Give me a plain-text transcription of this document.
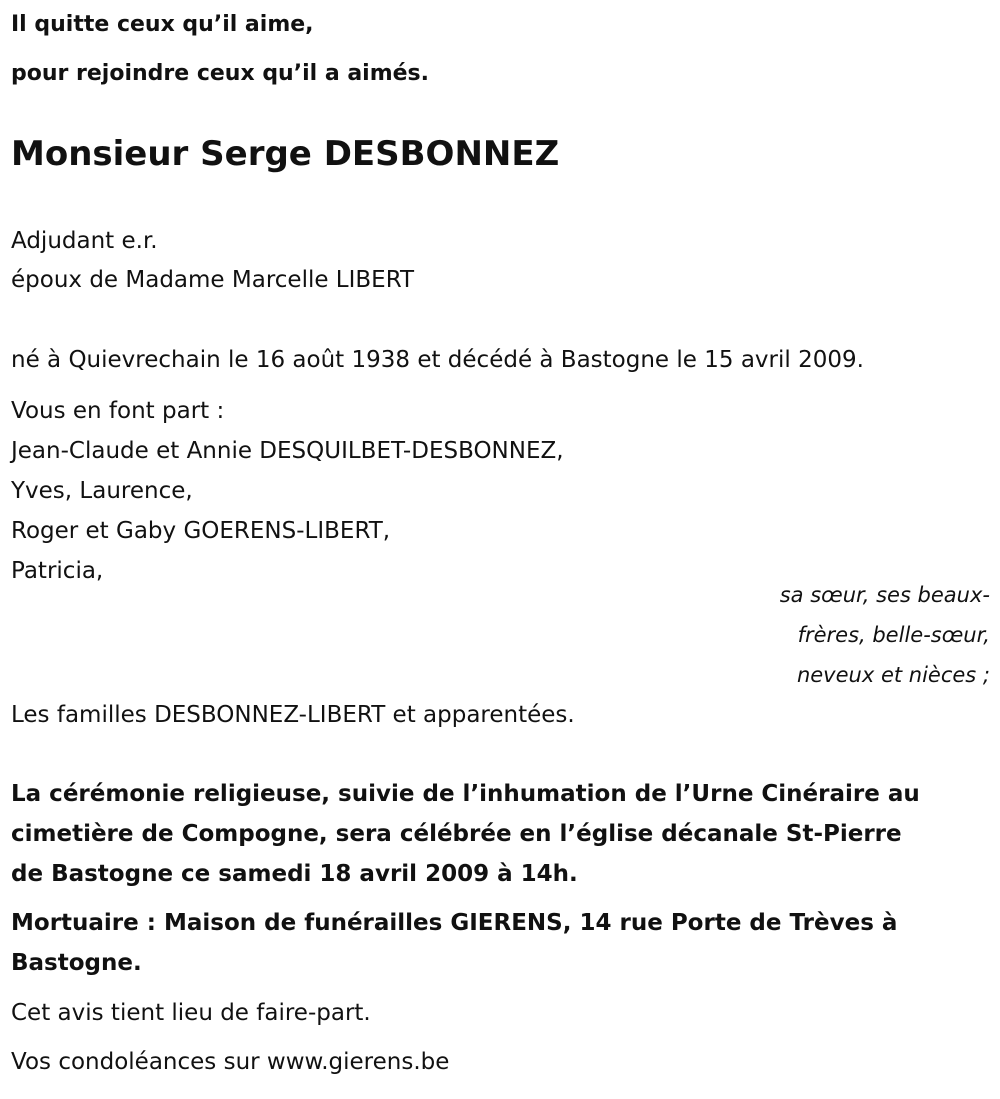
Il quitte ceux qu’il aime,
pour rejoindre ceux qu’il a aimés.
Monsieur Serge DESBONNEZ
Adjudant e.r.
époux de Madame Marcelle LIBERT
né à Quievrechain le 16 août 1938 et décédé à Bastogne le 15 avril 2009.
Vous en font part :
Jean-Claude et Annie DESQUILBET-DESBONNEZ,
Yves, Laurence,
Roger et Gaby GOERENS-LIBERT,
Patricia,
sa sœur, ses beaux-
frères, belle-sœur,
neveux et nièces ;
Les familles DESBONNEZ-LIBERT et apparentées.
La cérémonie religieuse, suivie de l’inhumation de l’Urne Cinéraire au
cimetière de Compogne, sera célébrée en l’église décanale St-Pierre
de Bastogne ce samedi 18 avril 2009 à 14h.
Mortuaire : Maison de funérailles GIERENS, 14 rue Porte de Trèves à
Bastogne.
Cet avis tient lieu de faire-part.
Vos condoléances sur www.gierens.be
